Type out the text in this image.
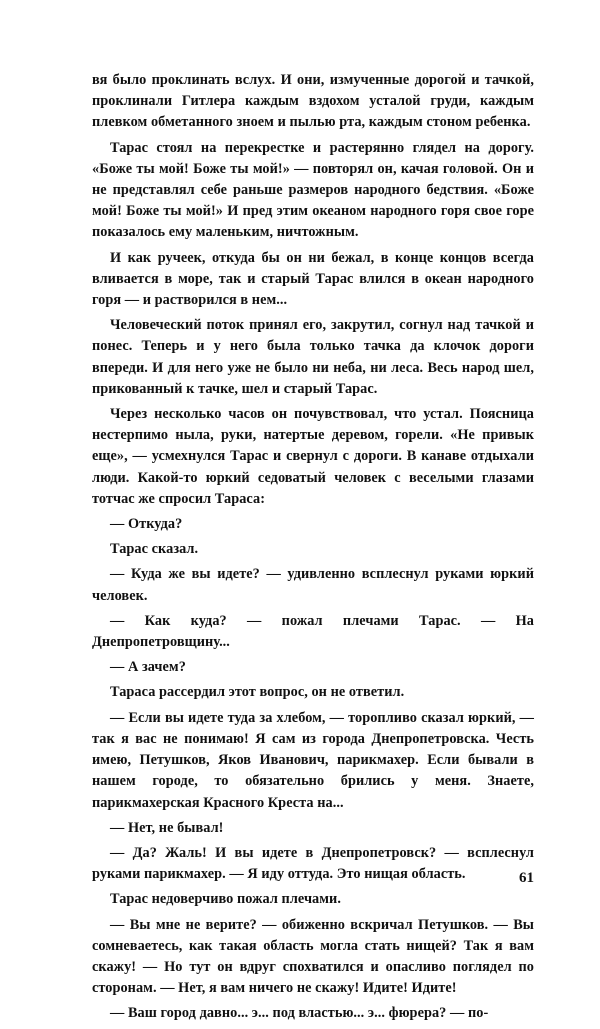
вя было проклинать вслух. И они, измученные дорогой и тачкой, проклинали Гитлера каждым вздохом усталой груди, каждым плевком обметанного зноем и пылью рта, каждым стоном ребенка.

Тарас стоял на перекрестке и растерянно глядел на дорогу. «Боже ты мой! Боже ты мой!» — повторял он, качая головой. Он и не представлял себе раньше размеров народного бедствия. «Боже мой! Боже ты мой!» И пред этим океаном народного горя свое горе показалось ему маленьким, ничтожным.

И как ручеек, откуда бы он ни бежал, в конце концов всегда вливается в море, так и старый Тарас влился в океан народного горя — и растворился в нем...

Человеческий поток принял его, закрутил, согнул над тачкой и понес. Теперь и у него была только тачка да клочок дороги впереди. И для него уже не было ни неба, ни леса. Весь народ шел, прикованный к тачке, шел и старый Тарас.

Через несколько часов он почувствовал, что устал. Поясница нестерпимо ныла, руки, натертые деревом, горели. «Не привык еще», — усмехнулся Тарас и свернул с дороги. В канаве отдыхали люди. Какой-то юркий седоватый человек с веселыми глазами тотчас же спросил Тараса:

— Откуда?

Тарас сказал.

— Куда же вы идете? — удивленно всплеснул руками юркий человек.

— Как куда? — пожал плечами Тарас. — На Днепропетровщину...

— А зачем?

Тараса рассердил этот вопрос, он не ответил.

— Если вы идете туда за хлебом, — торопливо сказал юркий, — так я вас не понимаю! Я сам из города Днепропетровска. Честь имею, Петушков, Яков Иванович, парикмахер. Если бывали в нашем городе, то обязательно брились у меня. Знаете, парикмахерская Красного Креста на...

— Нет, не бывал!

— Да? Жаль! И вы идете в Днепропетровск? — всплеснул руками парикмахер. — Я иду оттуда. Это нищая область.

Тарас недоверчиво пожал плечами.

— Вы мне не верите? — обиженно вскричал Петушков. — Вы сомневаетесь, как такая область могла стать нищей? Так я вам скажу! — Но тут он вдруг спохватился и опасливо поглядел по сторонам. — Нет, я вам ничего не скажу! Идите! Идите!

— Ваш город давно... э... под властью... э... фюрера? — по-

61
